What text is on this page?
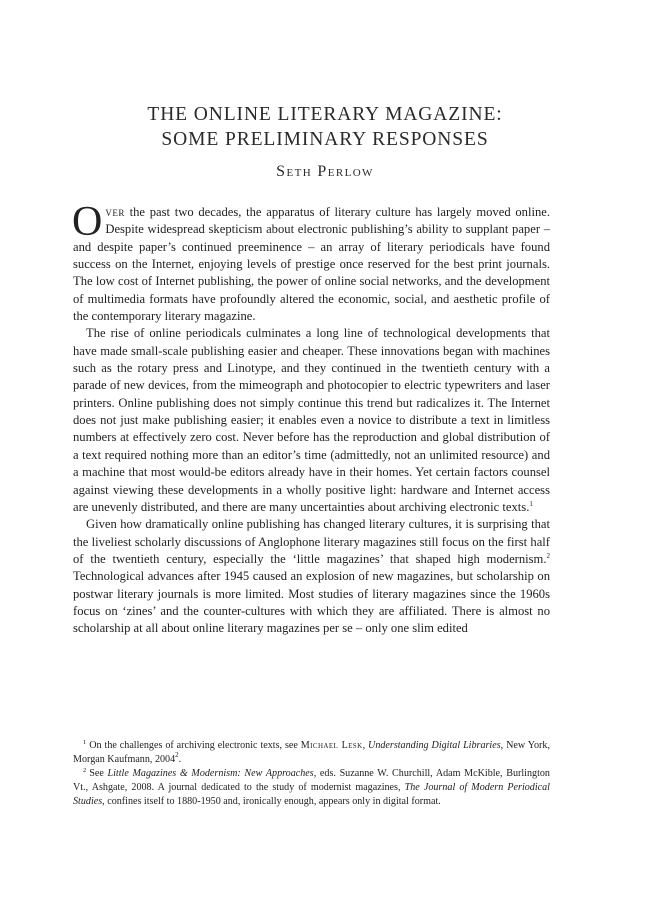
THE ONLINE LITERARY MAGAZINE:
SOME PRELIMINARY RESPONSES
Seth Perlow

Over the past two decades, the apparatus of literary culture has largely moved online. Despite widespread skepticism about electronic publishing’s ability to supplant paper – and despite paper’s continued preeminence – an array of literary periodicals have found success on the Internet, enjoying levels of prestige once reserved for the best print journals. The low cost of Internet publishing, the power of online social networks, and the development of multimedia formats have profoundly altered the economic, social, and aesthetic profile of the contemporary literary magazine.

The rise of online periodicals culminates a long line of technological developments that have made small-scale publishing easier and cheaper. These innovations began with machines such as the rotary press and Linotype, and they continued in the twentieth century with a parade of new devices, from the mimeograph and photocopier to electric typewriters and laser printers. Online publishing does not simply continue this trend but radicalizes it. The Internet does not just make publishing easier; it enables even a novice to distribute a text in limitless numbers at effectively zero cost. Never before has the reproduction and global distribution of a text required nothing more than an editor’s time (admittedly, not an unlimited resource) and a machine that most would-be editors already have in their homes. Yet certain factors counsel against viewing these developments in a wholly positive light: hardware and Internet access are unevenly distributed, and there are many uncertainties about archiving electronic texts.$^1$

Given how dramatically online publishing has changed literary cultures, it is surprising that the liveliest scholarly discussions of Anglophone literary magazines still focus on the first half of the twentieth century, especially the ‘little magazines’ that shaped high modernism.$^2$ Technological advances after 1945 caused an explosion of new magazines, but scholarship on postwar literary journals is more limited. Most studies of literary magazines since the 1960s focus on ‘zines’ and the counter-cultures with which they are affiliated. There is almost no scholarship at all about online literary magazines per se – only one slim edited

$^1$ On the challenges of archiving electronic texts, see Michael Lesk, Understanding Digital Libraries, New York, Morgan Kaufmann, 2004$^2$.

$^2$ See Little Magazines & Modernism: New Approaches, eds. Suzanne W. Churchill, Adam McKible, Burlington Vt., Ashgate, 2008. A journal dedicated to the study of modernist magazines, The Journal of Modern Periodical Studies, confines itself to 1880-1950 and, ironically enough, appears only in digital format.
